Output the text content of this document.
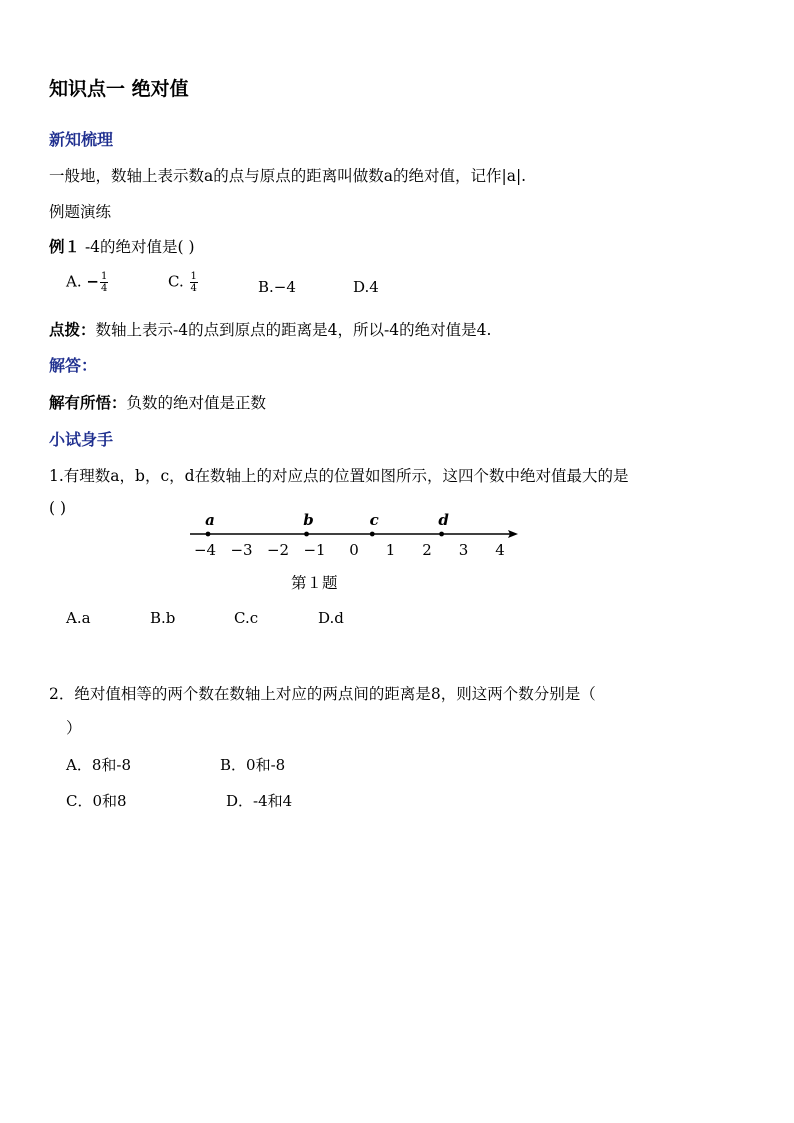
知识点一 绝对值
新知梳理
一般地，数轴上表示数a的点与原点的距离叫做数a的绝对值，记作|a|.
例题演练
例１ -4的绝对值是( )
A. − $\frac{1}{4}$	C. $\frac{1}{4}$	B.−4	D.4
点拨：数轴上表示-4的点到原点的距离是4，所以-4的绝对值是4.
解答：
解有所悟：负数的绝对值是正数
小试身手
1.有理数a，b，c，d在数轴上的对应点的位置如图所示，这四个数中绝对值最大的是
( )
−4 −3 −2 −1 0 1 2 3 4
a	b	c	d
第１题
A.a	B.b	C.c	D.d
2．绝对值相等的两个数在数轴上对应的两点间的距离是8，则这两个数分别是（
）
A．8和-8	B．0和-8
C．0和8	D．-4和4
